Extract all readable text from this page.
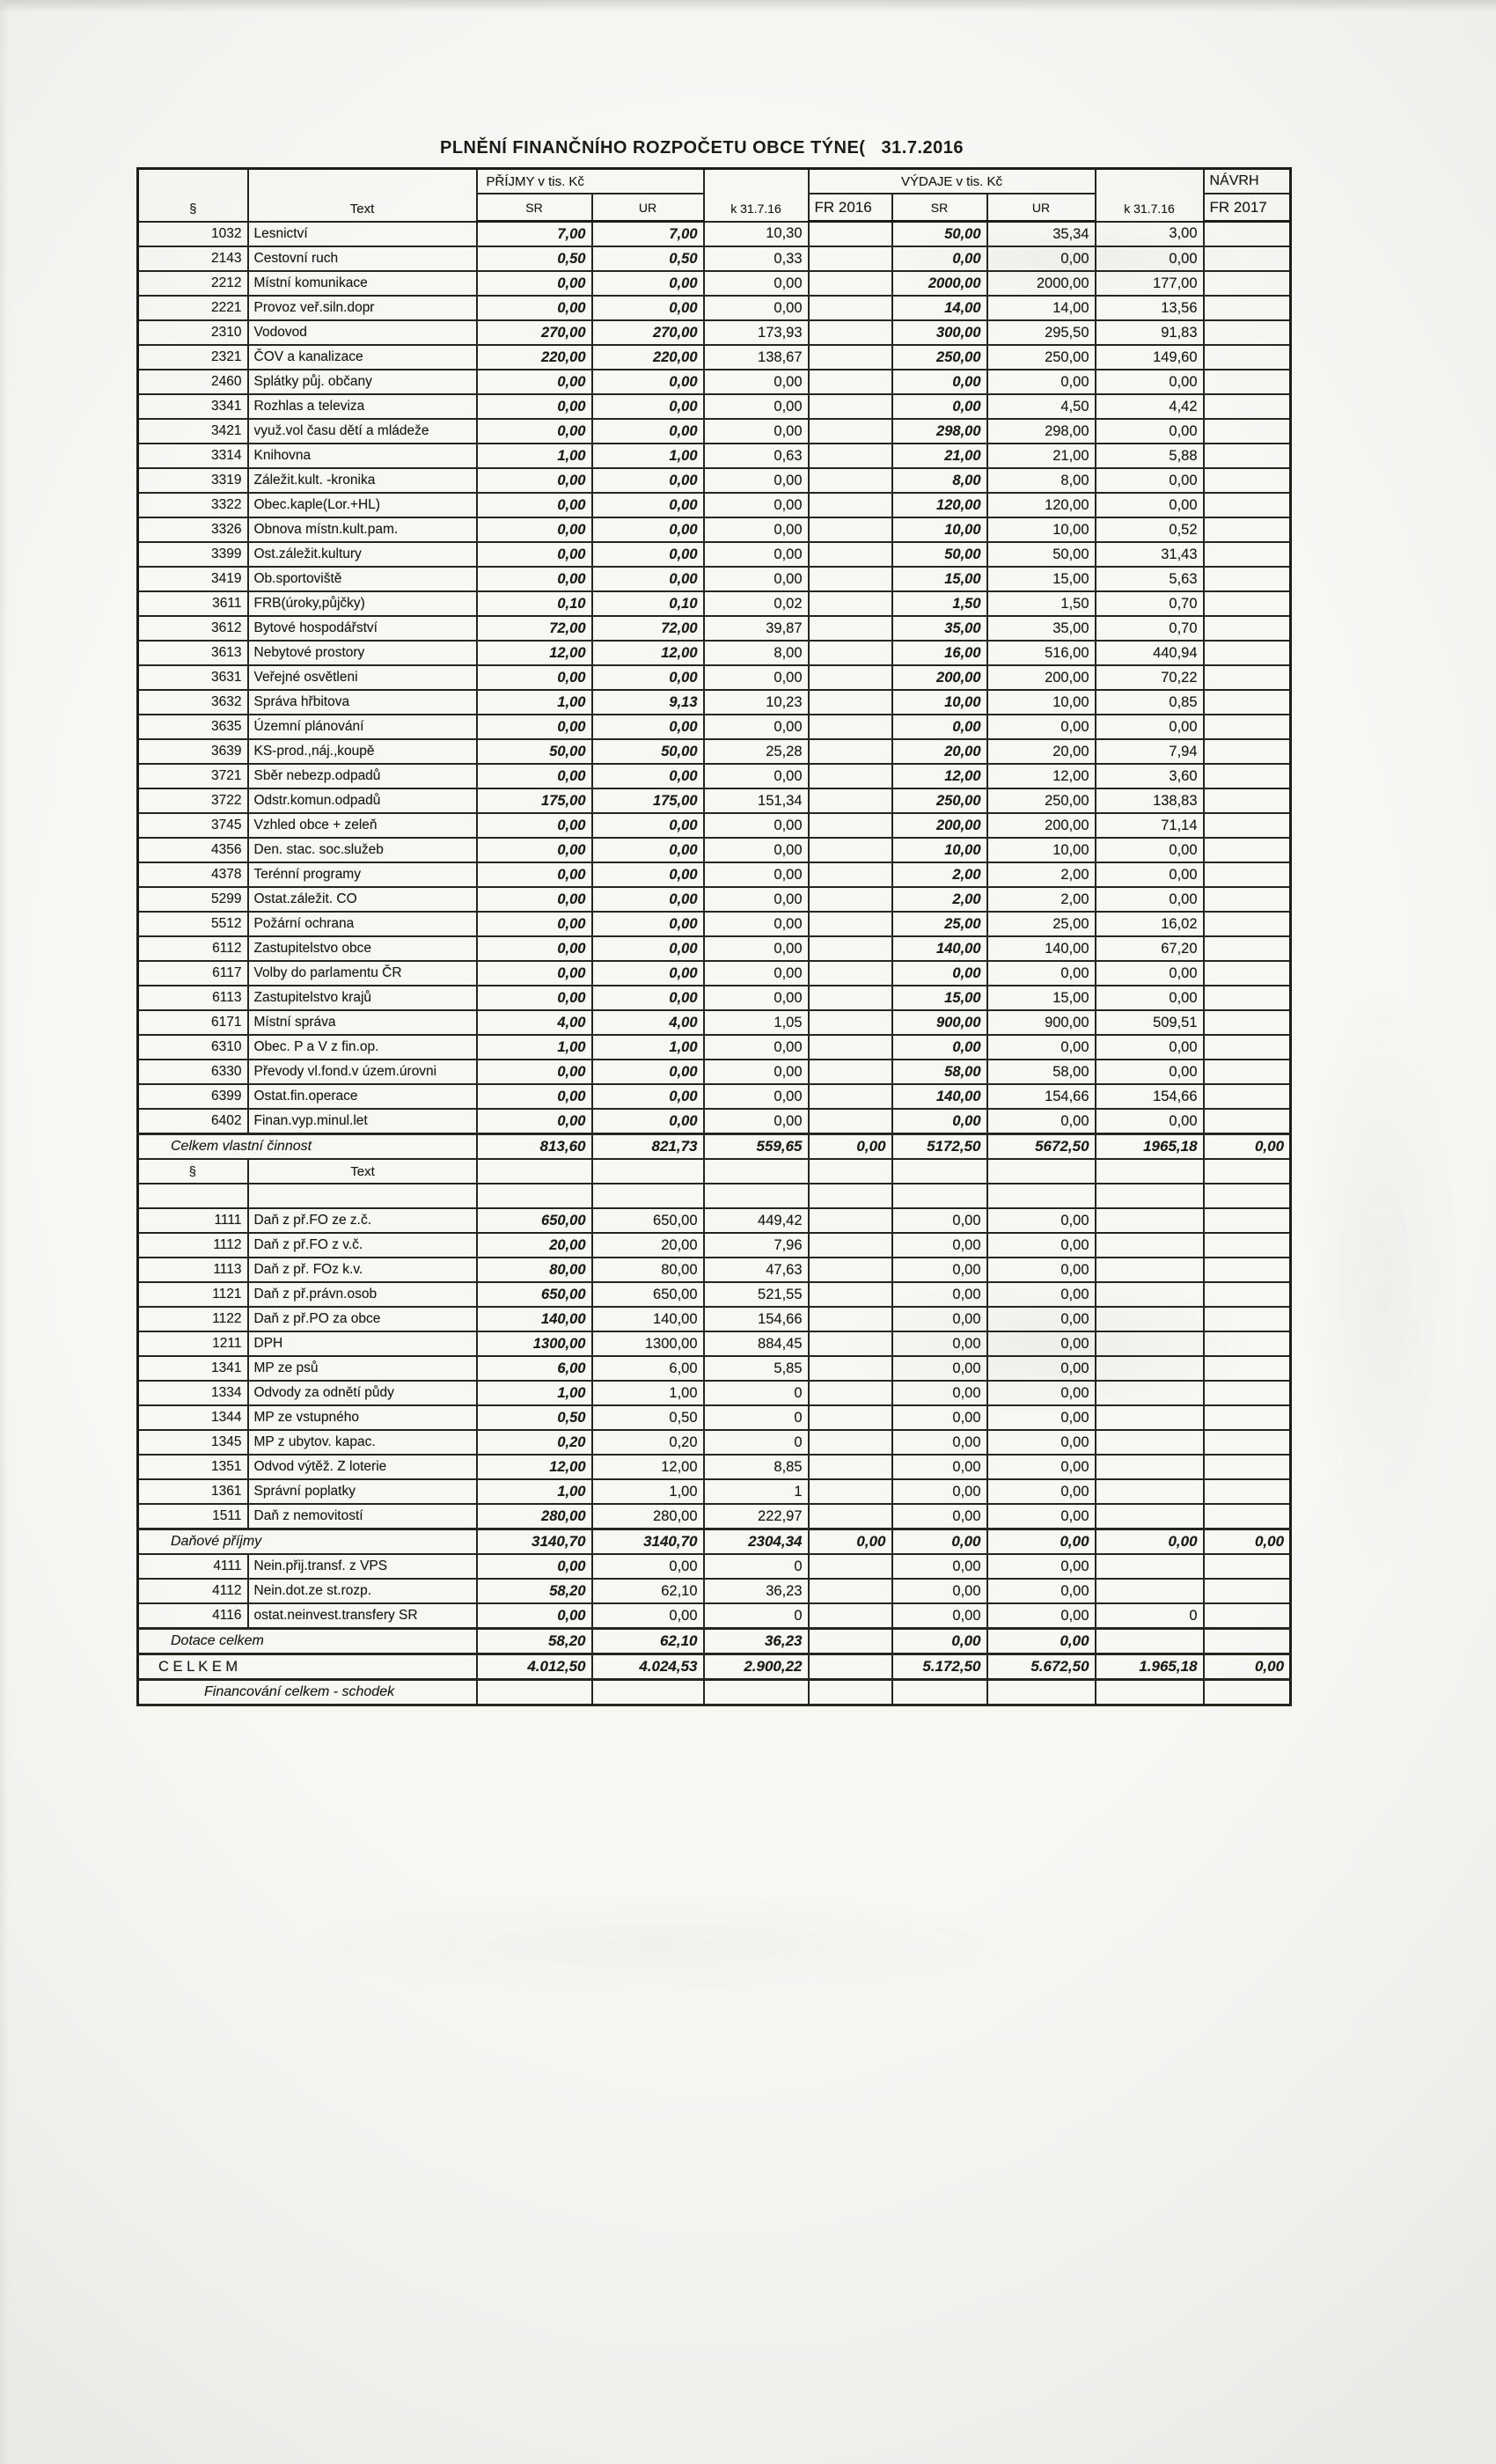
PLNĚNÍ FINANČNÍHO ROZPOČETU OBCE TÝNE( 31.7.2016
§	Text	PŘÍJMY v tis. Kč		k 31.7.16	VÝDAJE v tis. Kč			k 31.7.16	NÁVRH
		SR	UR		FR 2016	SR	UR		FR 2017
1032	Lesnictví	7,00	7,00	10,30		50,00	35,34	3,00	
2143	Cestovní ruch	0,50	0,50	0,33		0,00	0,00	0,00	
2212	Místní komunikace	0,00	0,00	0,00		2000,00	2000,00	177,00	
2221	Provoz veř.siln.dopr	0,00	0,00	0,00		14,00	14,00	13,56	
2310	Vodovod	270,00	270,00	173,93		300,00	295,50	91,83	
2321	ČOV a kanalizace	220,00	220,00	138,67		250,00	250,00	149,60	
2460	Splátky půj. občany	0,00	0,00	0,00		0,00	0,00	0,00	
3341	Rozhlas a televiza	0,00	0,00	0,00		0,00	4,50	4,42	
3421	využ.vol času dětí a mládeže	0,00	0,00	0,00		298,00	298,00	0,00	
3314	Knihovna	1,00	1,00	0,63		21,00	21,00	5,88	
3319	Záležit.kult. -kronika	0,00	0,00	0,00		8,00	8,00	0,00	
3322	Obec.kaple(Lor.+HL)	0,00	0,00	0,00		120,00	120,00	0,00	
3326	Obnova místn.kult.pam.	0,00	0,00	0,00		10,00	10,00	0,52	
3399	Ost.záležit.kultury	0,00	0,00	0,00		50,00	50,00	31,43	
3419	Ob.sportoviště	0,00	0,00	0,00		15,00	15,00	5,63	
3611	FRB(úroky,půjčky)	0,10	0,10	0,02		1,50	1,50	0,70	
3612	Bytové hospodářství	72,00	72,00	39,87		35,00	35,00	0,70	
3613	Nebytové prostory	12,00	12,00	8,00		16,00	516,00	440,94	
3631	Veřejné osvětleni	0,00	0,00	0,00		200,00	200,00	70,22	
3632	Správa hřbitova	1,00	9,13	10,23		10,00	10,00	0,85	
3635	Územní plánování	0,00	0,00	0,00		0,00	0,00	0,00	
3639	KS-prod.,náj.,koupě	50,00	50,00	25,28		20,00	20,00	7,94	
3721	Sběr nebezp.odpadů	0,00	0,00	0,00		12,00	12,00	3,60	
3722	Odstr.komun.odpadů	175,00	175,00	151,34		250,00	250,00	138,83	
3745	Vzhled obce + zeleň	0,00	0,00	0,00		200,00	200,00	71,14	
4356	Den. stac. soc.služeb	0,00	0,00	0,00		10,00	10,00	0,00	
4378	Terénní programy	0,00	0,00	0,00		2,00	2,00	0,00	
5299	Ostat.záležit. CO	0,00	0,00	0,00		2,00	2,00	0,00	
5512	Požární ochrana	0,00	0,00	0,00		25,00	25,00	16,02	
6112	Zastupitelstvo obce	0,00	0,00	0,00		140,00	140,00	67,20	
6117	Volby do parlamentu ČR	0,00	0,00	0,00		0,00	0,00	0,00	
6113	Zastupitelstvo krajů	0,00	0,00	0,00		15,00	15,00	0,00	
6171	Místní správa	4,00	4,00	1,05		900,00	900,00	509,51	
6310	Obec. P a V z fin.op.	1,00	1,00	0,00		0,00	0,00	0,00	
6330	Převody vl.fond.v územ.úrovni	0,00	0,00	0,00		58,00	58,00	0,00	
6399	Ostat.fin.operace	0,00	0,00	0,00		140,00	154,66	154,66	
6402	Finan.vyp.minul.let	0,00	0,00	0,00		0,00	0,00	0,00	
Celkem vlastní činnost		813,60	821,73	559,65	0,00	5172,50	5672,50	1965,18	0,00
§	Text								

1111	Daň z př.FO ze z.č.	650,00	650,00	449,42		0,00	0,00		
1112	Daň z př.FO z v.č.	20,00	20,00	7,96		0,00	0,00		
1113	Daň z př. FOz k.v.	80,00	80,00	47,63		0,00	0,00		
1121	Daň z př.právn.osob	650,00	650,00	521,55		0,00	0,00		
1122	Daň z př.PO za obce	140,00	140,00	154,66		0,00	0,00		
1211	DPH	1300,00	1300,00	884,45		0,00	0,00		
1341	MP ze psů	6,00	6,00	5,85		0,00	0,00		
1334	Odvody za odnětí půdy	1,00	1,00	0		0,00	0,00		
1344	MP ze vstupného	0,50	0,50	0		0,00	0,00		
1345	MP z ubytov. kapac.	0,20	0,20	0		0,00	0,00		
1351	Odvod výtěž. Z loterie	12,00	12,00	8,85		0,00	0,00		
1361	Správní poplatky	1,00	1,00	1		0,00	0,00		
1511	Daň z nemovitostí	280,00	280,00	222,97		0,00	0,00		
Daňové příjmy		3140,70	3140,70	2304,34	0,00	0,00	0,00	0,00	0,00
4111	Nein.přij.transf. z VPS	0,00	0,00	0		0,00	0,00		
4112	Nein.dot.ze st.rozp.	58,20	62,10	36,23		0,00	0,00		
4116	ostat.neinvest.transfery SR	0,00	0,00	0		0,00	0,00	0	
Dotace celkem		58,20	62,10	36,23		0,00	0,00		
C E L K E M		4.012,50	4.024,53	2.900,22		5.172,50	5.672,50	1.965,18	0,00
Financování celkem - schodek									
